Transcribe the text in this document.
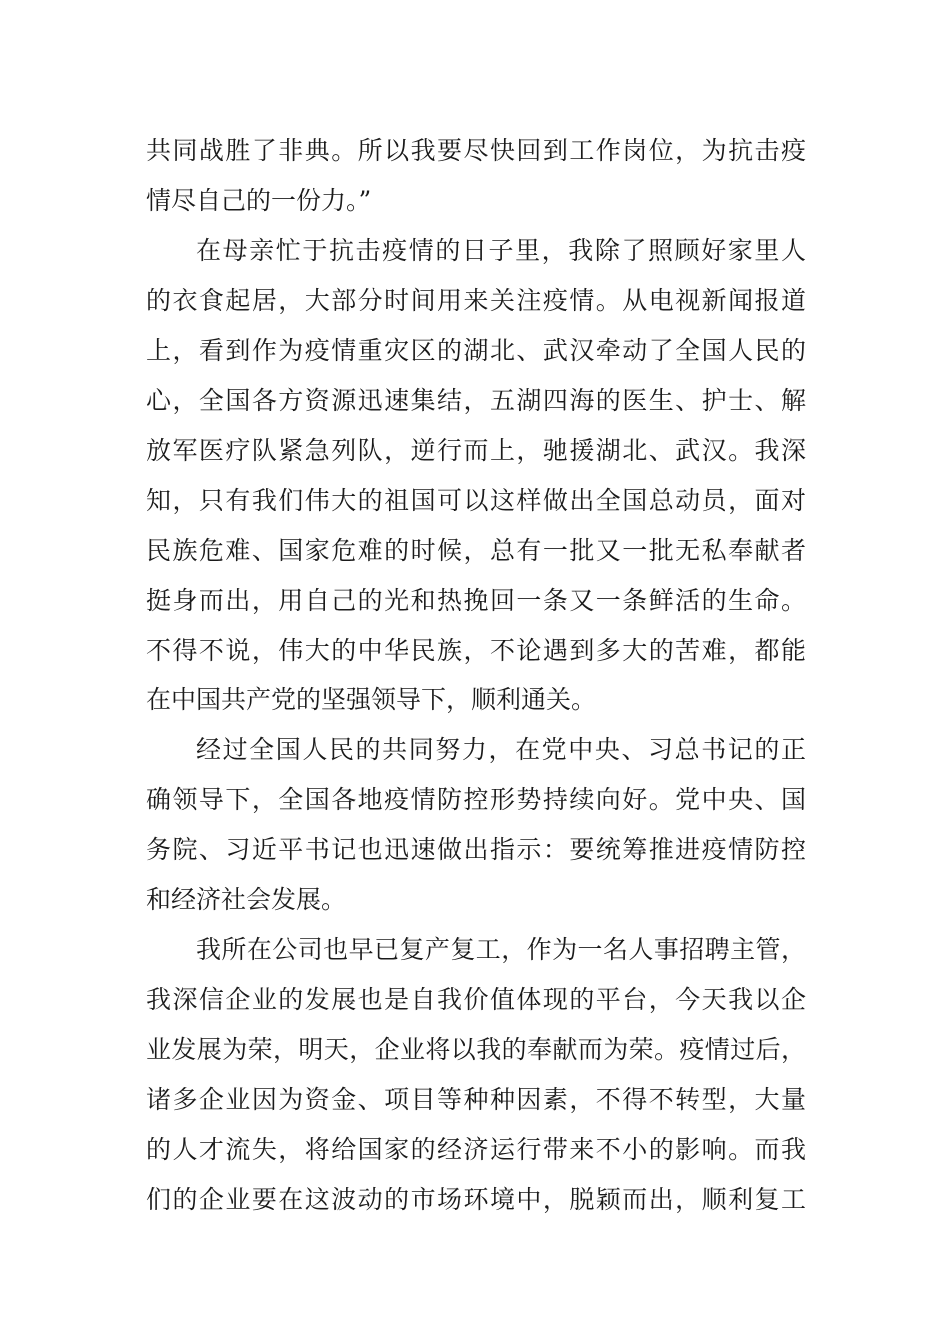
共同战胜了非典。所以我要尽快回到工作岗位，为抗击疫
情尽自己的一份力。”
在母亲忙于抗击疫情的日子里，我除了照顾好家里人
的衣食起居，大部分时间用来关注疫情。从电视新闻报道
上，看到作为疫情重灾区的湖北、武汉牵动了全国人民的
心，全国各方资源迅速集结，五湖四海的医生、护士、解
放军医疗队紧急列队，逆行而上，驰援湖北、武汉。我深
知，只有我们伟大的祖国可以这样做出全国总动员，面对
民族危难、国家危难的时候，总有一批又一批无私奉献者
挺身而出，用自己的光和热挽回一条又一条鲜活的生命。
不得不说，伟大的中华民族，不论遇到多大的苦难，都能
在中国共产党的坚强领导下，顺利通关。
经过全国人民的共同努力，在党中央、习总书记的正
确领导下，全国各地疫情防控形势持续向好。党中央、国
务院、习近平书记也迅速做出指示：要统筹推进疫情防控
和经济社会发展。
我所在公司也早已复产复工，作为一名人事招聘主管，
我深信企业的发展也是自我价值体现的平台，今天我以企
业发展为荣，明天，企业将以我的奉献而为荣。疫情过后，
诸多企业因为资金、项目等种种因素，不得不转型，大量
的人才流失，将给国家的经济运行带来不小的影响。而我
们的企业要在这波动的市场环境中，脱颖而出，顺利复工
